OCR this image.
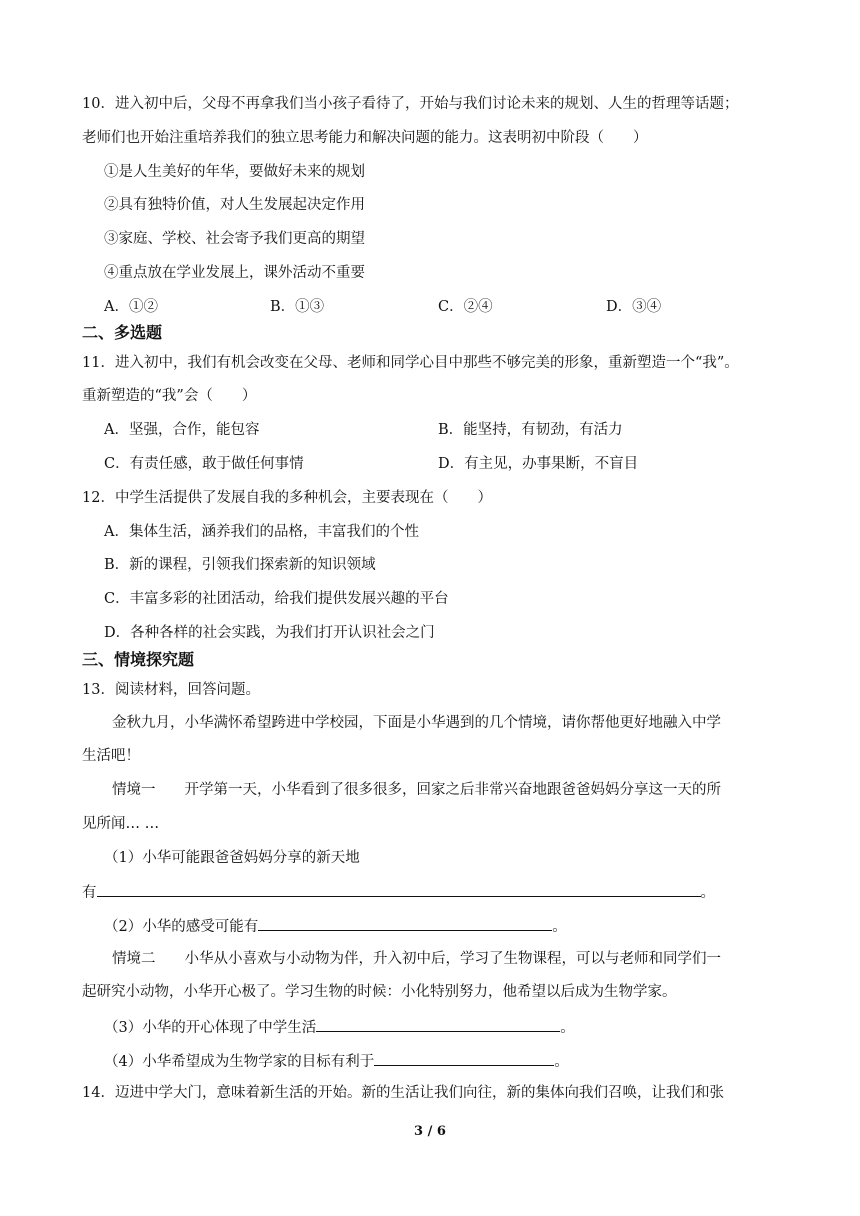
10．进入初中后，父母不再拿我们当小孩子看待了，开始与我们讨论未来的规划、人生的哲理等话题；
老师们也开始注重培养我们的独立思考能力和解决问题的能力。这表明初中阶段（　　）
①是人生美好的年华，要做好未来的规划
②具有独特价值，对人生发展起决定作用
③家庭、学校、社会寄予我们更高的期望
④重点放在学业发展上，课外活动不重要
A．①②	B．①③	C．②④	D．③④
二、多选题
11．进入初中，我们有机会改变在父母、老师和同学心目中那些不够完美的形象，重新塑造一个“我”。
重新塑造的“我”会（　　）
A．坚强，合作，能包容	B．能坚持，有韧劲，有活力
C．有责任感，敢于做任何事情	D．有主见，办事果断，不盲目
12．中学生活提供了发展自我的多种机会，主要表现在（　　）
A．集体生活，涵养我们的品格，丰富我们的个性
B．新的课程，引领我们探索新的知识领域
C．丰富多彩的社团活动，给我们提供发展兴趣的平台
D．各种各样的社会实践，为我们打开认识社会之门
三、情境探究题
13．阅读材料，回答问题。
金秋九月，小华满怀希望跨进中学校园，下面是小华遇到的几个情境，请你帮他更好地融入中学
生活吧！
情境一　　开学第一天，小华看到了很多很多，回家之后非常兴奋地跟爸爸妈妈分享这一天的所
见所闻… …
（1）小华可能跟爸爸妈妈分享的新天地
有	。
（2）小华的感受可能有	。
情境二　　小华从小喜欢与小动物为伴，升入初中后，学习了生物课程，可以与老师和同学们一
起研究小动物，小华开心极了。学习生物的时候：小化特别努力，他希望以后成为生物学家。
（3）小华的开心体现了中学生活	。
（4）小华希望成为生物学家的目标有利于	。
14．迈进中学大门，意味着新生活的开始。新的生活让我们向往，新的集体向我们召唤，让我们和张
3 / 6
